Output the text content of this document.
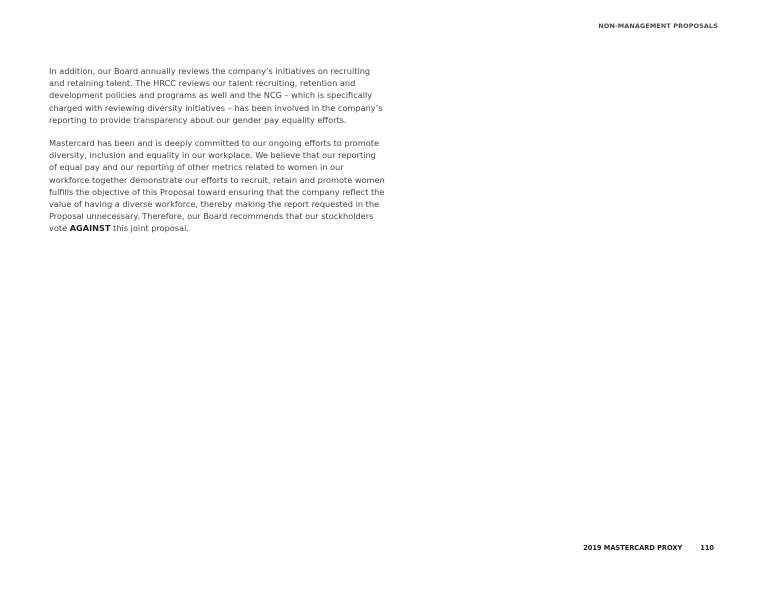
NON-MANAGEMENT PROPOSALS

In addition, our Board annually reviews the company’s initiatives on recruiting and retaining talent. The HRCC reviews our talent recruiting, retention and development policies and programs as well and the NCG – which is specifically charged with reviewing diversity initiatives – has been involved in the company’s reporting to provide transparency about our gender pay equality efforts.

Mastercard has been and is deeply committed to our ongoing efforts to promote diversity, inclusion and equality in our workplace. We believe that our reporting of equal pay and our reporting of other metrics related to women in our workforce together demonstrate our efforts to recruit, retain and promote women fulfills the objective of this Proposal toward ensuring that the company reflect the value of having a diverse workforce, thereby making the report requested in the Proposal unnecessary. Therefore, our Board recommends that our stockholders vote AGAINST this joint proposal.

2019 MASTERCARD PROXY	110
